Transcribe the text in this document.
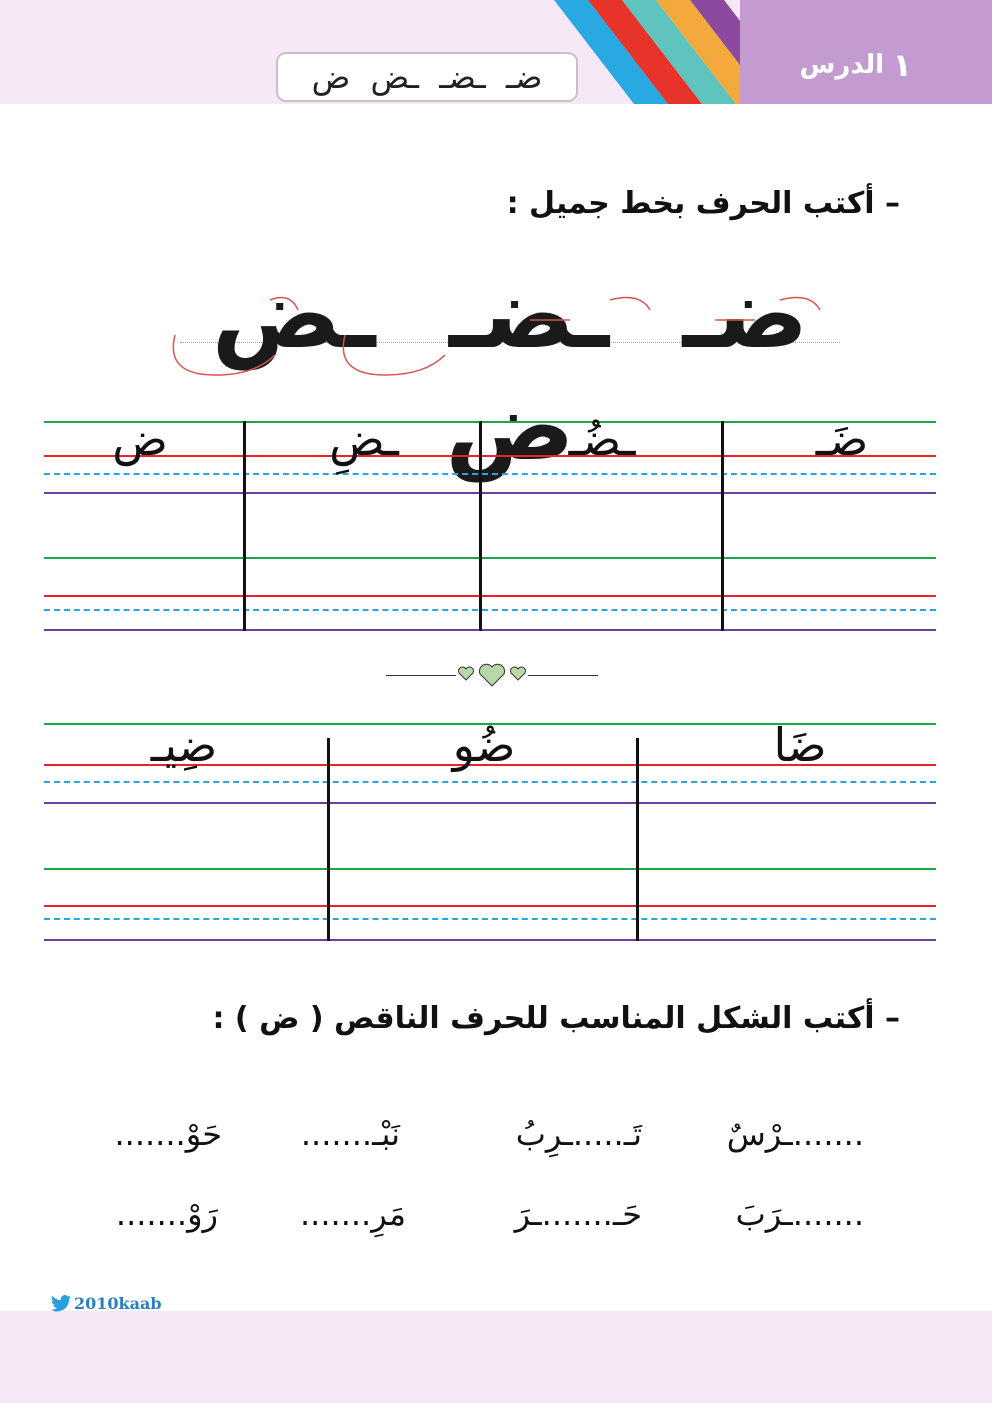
الدرس ١
ضـ ـضـ ـض ض
– أكتب الحرف بخط جميل :
ضـ ـضـ ـض ض	ضَـ
ـضُـ
ـضِ
ض
ضَا
ضُو
ضِيـ
– أكتب الشكل المناسب للحرف الناقص ( ض ) :
.......ـرْسٌ
تَـ.....ـرِبُ
نَبْـ.......
حَوْ.......
.......ـرَبَ
حَـ.......ـرَ
مَرِ.......
رَوْ.......
2010kaab
